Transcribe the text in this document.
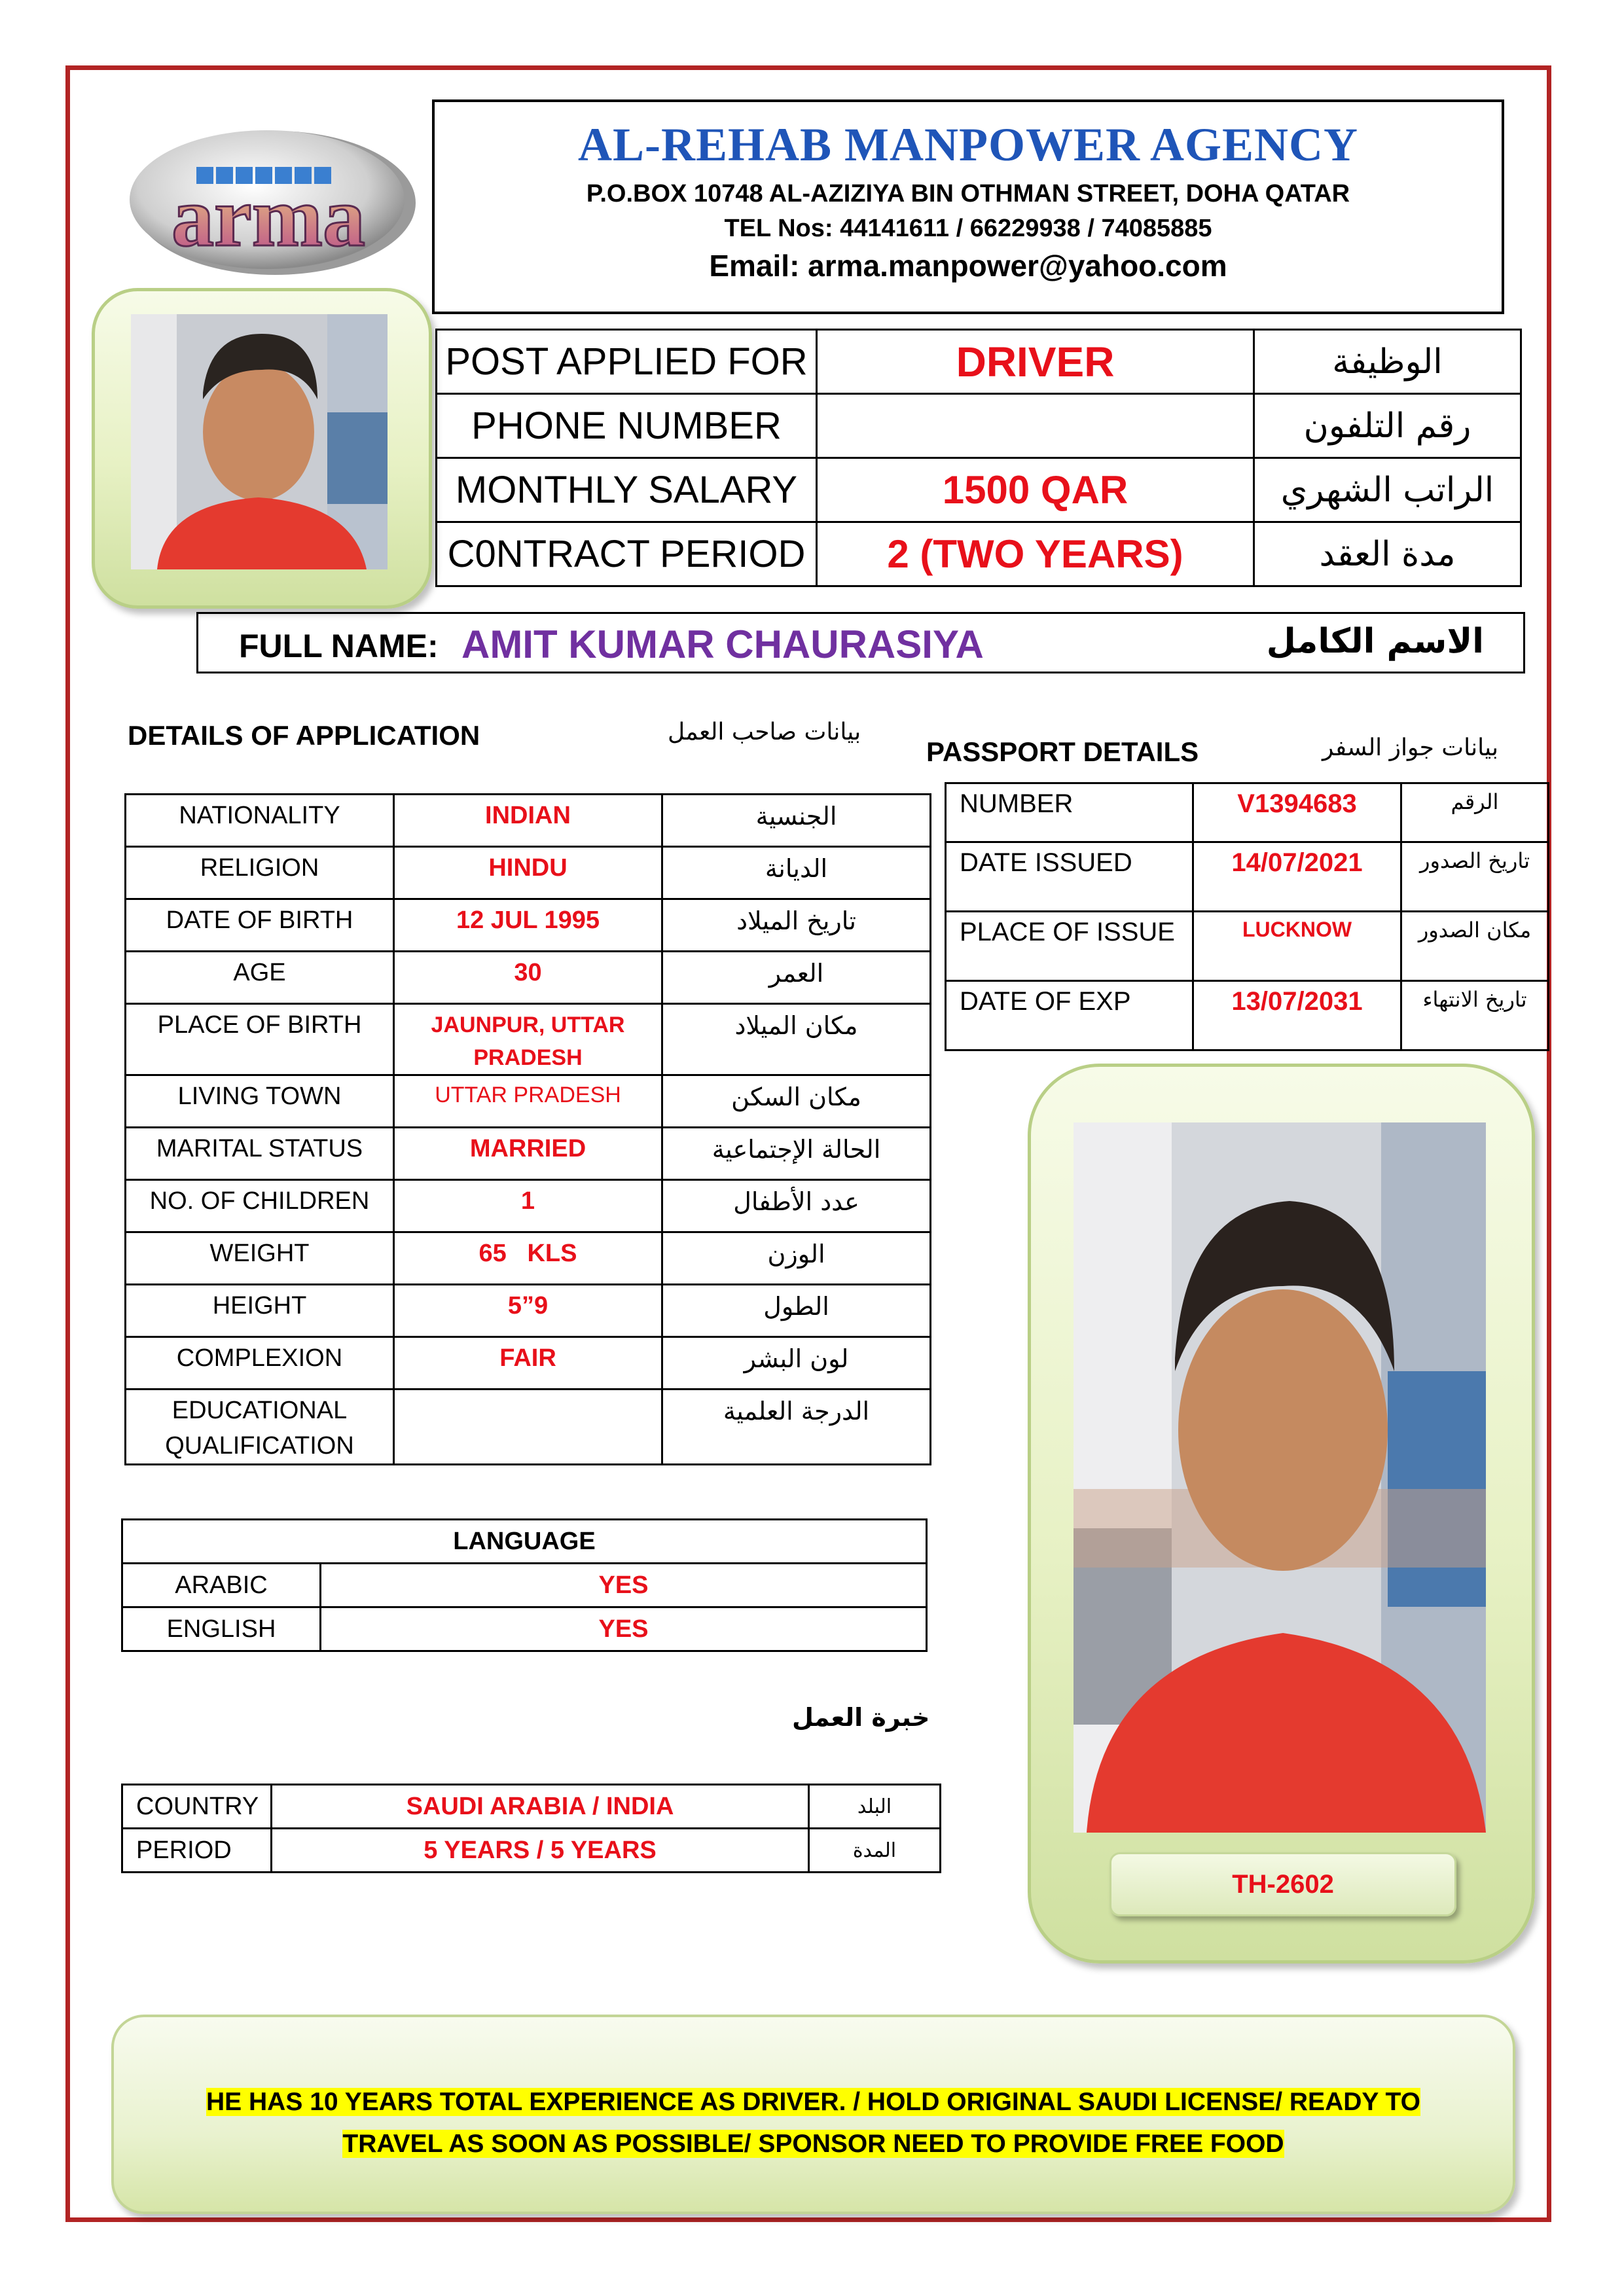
arma
AL-REHAB MANPOWER AGENCY
P.O.BOX 10748 AL-AZIZIYA BIN OTHMAN STREET, DOHA QATAR
TEL Nos: 44141611 / 66229938 / 74085885
Email: arma.manpower@yahoo.com
POST APPLIED FOR	DRIVER	الوظيفة
PHONE NUMBER		رقم التلفون
MONTHLY SALARY	1500 QAR	الراتب الشهري
C0NTRACT PERIOD	2 (TWO YEARS)	مدة العقد
FULL NAME: AMIT KUMAR CHAURASIYA	الاسم الكامل
DETAILS OF APPLICATION	بيانات صاحب العمل
NATIONALITY	INDIAN	الجنسية
RELIGION	HINDU	الديانة
DATE OF BIRTH	12 JUL 1995	تاريخ الميلاد
AGE	30	العمر
PLACE OF BIRTH	JAUNPUR, UTTAR PRADESH	مكان الميلاد
LIVING TOWN	UTTAR PRADESH	مكان السكن
MARITAL STATUS	MARRIED	الحالة الإجتماعية
NO. OF CHILDREN	1	عدد الأطفال
WEIGHT	65   KLS	الوزن
HEIGHT	5”9	الطول
COMPLEXION	FAIR	لون البشر
EDUCATIONAL QUALIFICATION		الدرجة العلمية
PASSPORT DETAILS	بيانات جواز السفر
NUMBER	V1394683	الرقم
DATE ISSUED	14/07/2021	تاريخ الصدور
PLACE OF ISSUE	LUCKNOW	مكان الصدور
DATE OF EXP	13/07/2031	تاريخ الانتهاء
TH-2602
LANGUAGE	
ARABIC	YES
ENGLISH	YES
خبرة العمل
COUNTRY	SAUDI ARABIA / INDIA	البلد
PERIOD	5 YEARS / 5 YEARS	المدة
HE HAS 10 YEARS TOTAL EXPERIENCE AS DRIVER. / HOLD ORIGINAL SAUDI LICENSE/ READY TO TRAVEL AS SOON AS POSSIBLE/ SPONSOR NEED TO PROVIDE FREE FOOD
